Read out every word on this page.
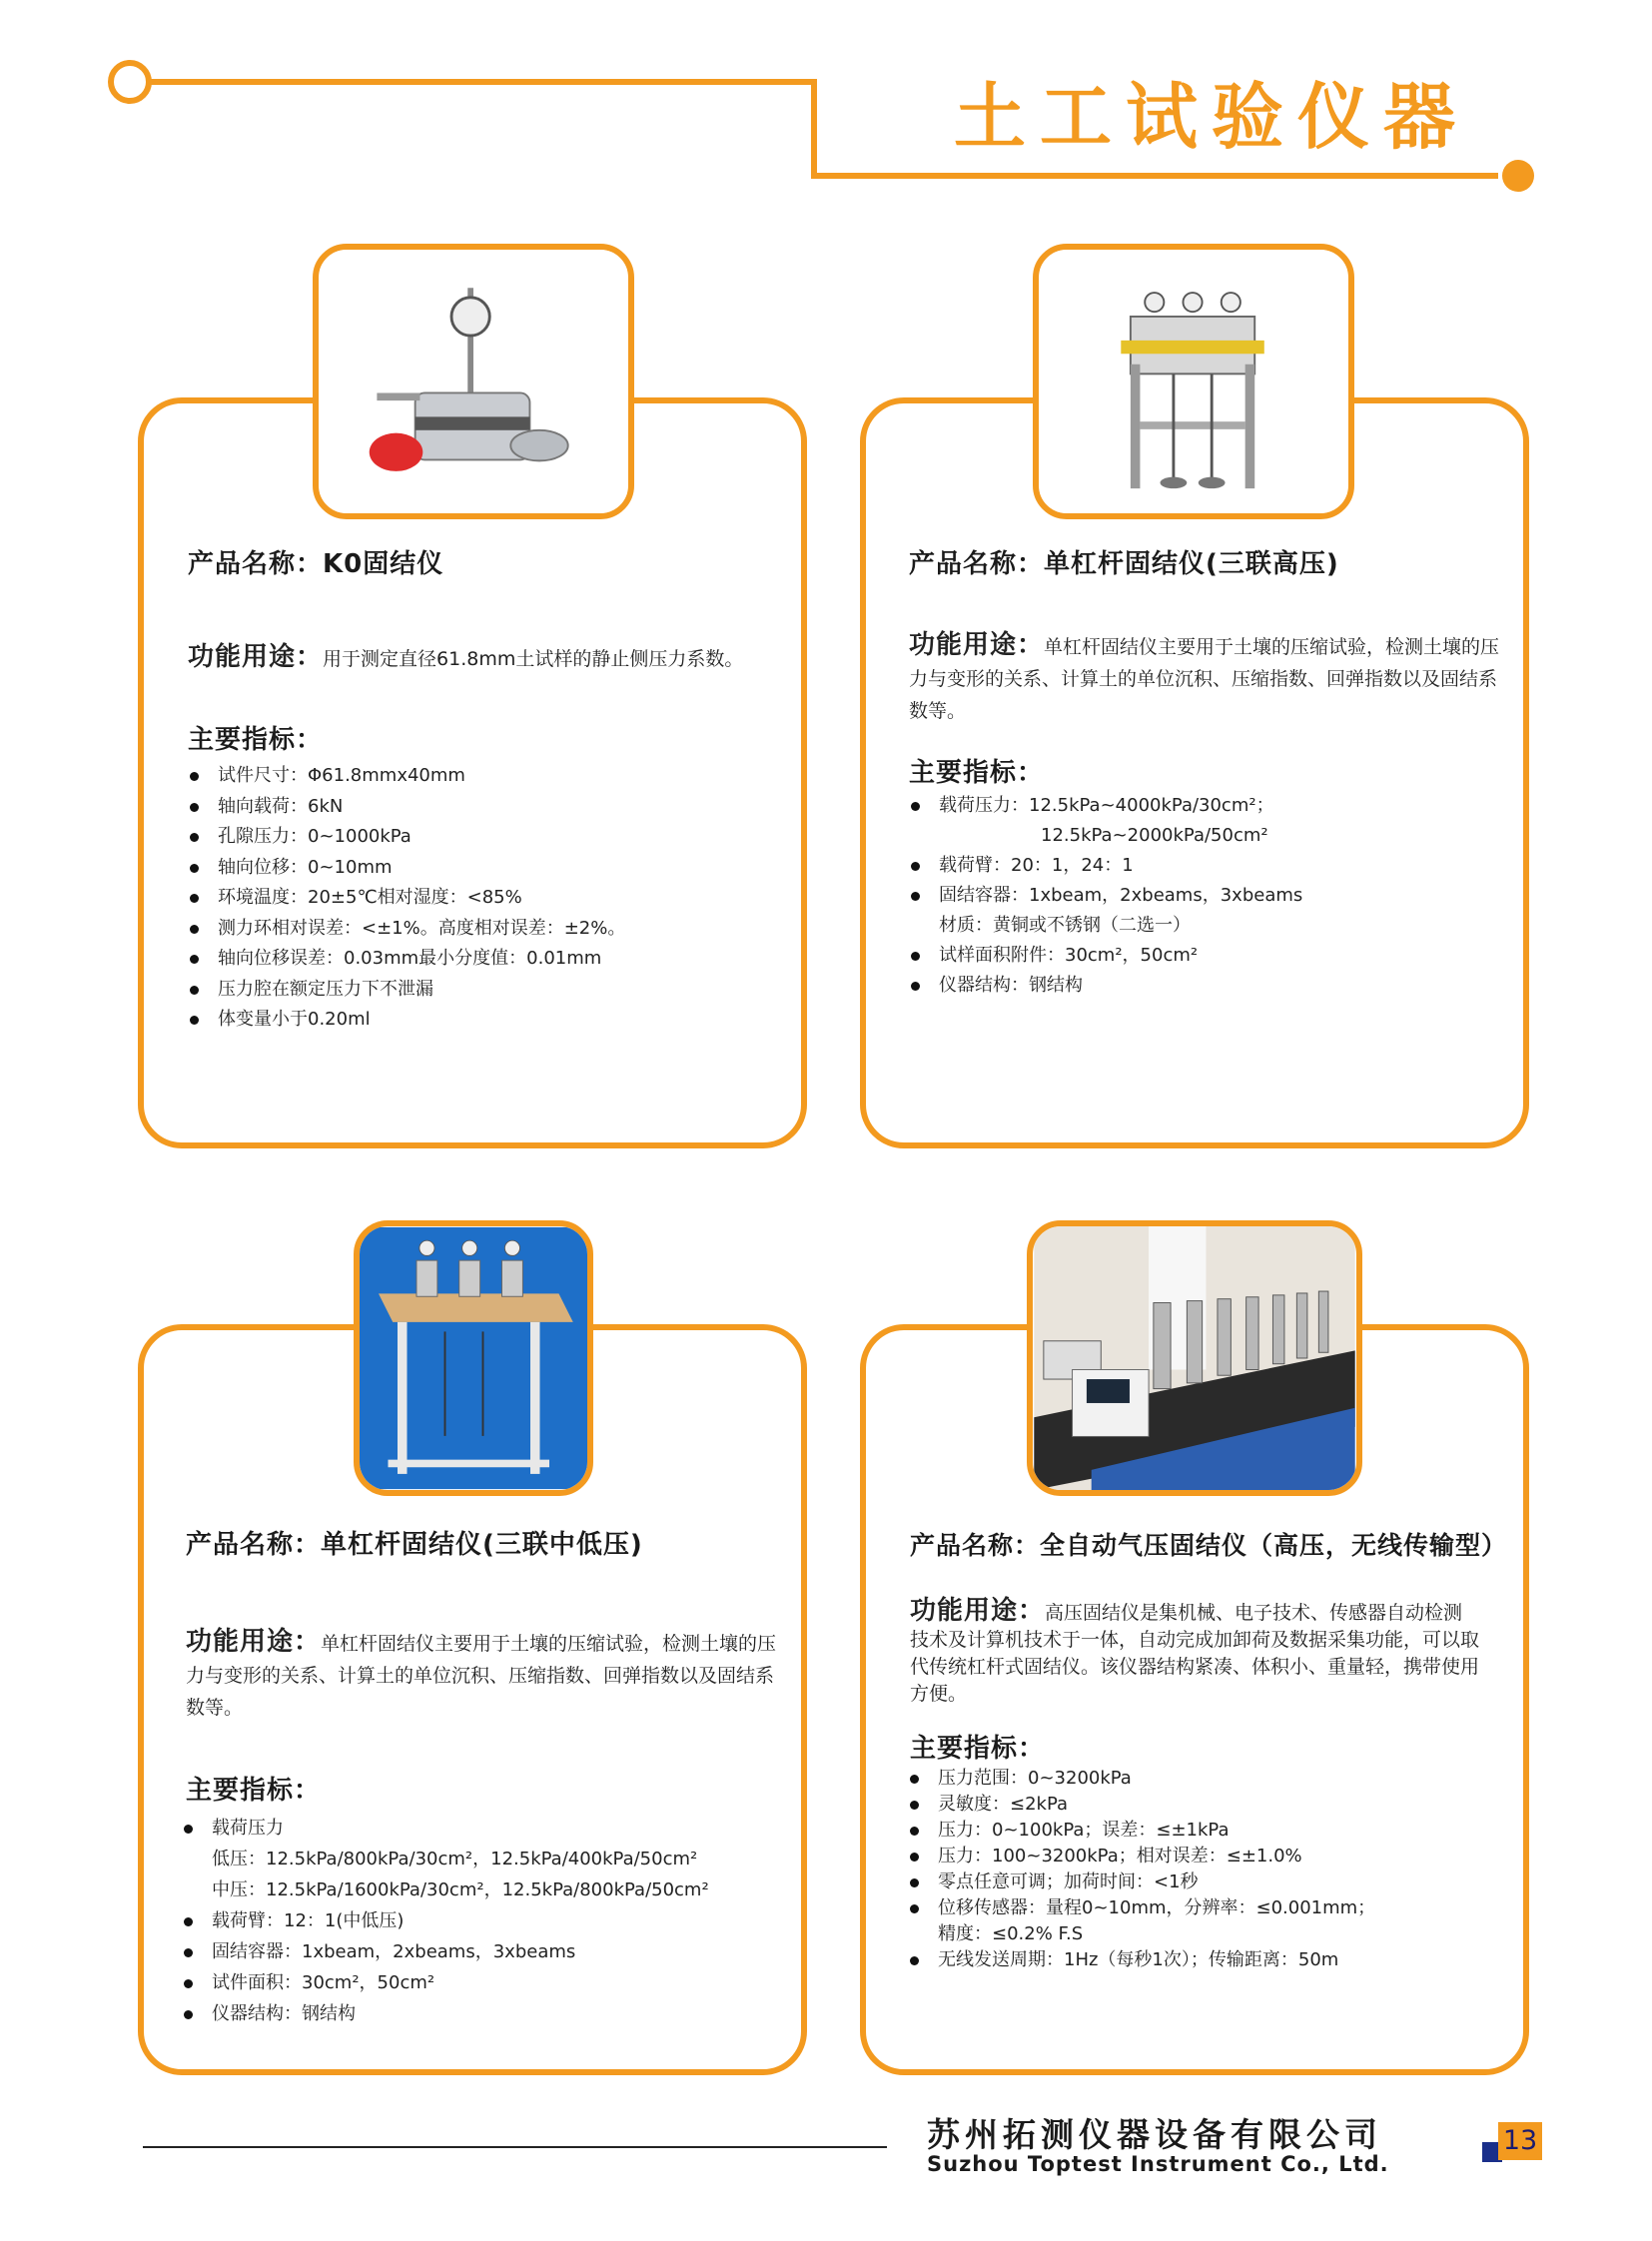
土工试验仪器
产品名称：K0固结仪
功能用途：用于测定直径61.8mm土试样的静止侧压力系数。
主要指标：
试件尺寸：Φ61.8mmx40mm
轴向载荷：6kN
孔隙压力：0~1000kPa
轴向位移：0~10mm
环境温度：20±5℃相对湿度：<85%
测力环相对误差：<±1%。高度相对误差：±2%。
轴向位移误差：0.03mm最小分度值：0.01mm
压力腔在额定压力下不泄漏
体变量小于0.20ml
产品名称：单杠杆固结仪(三联高压)
功能用途：单杠杆固结仪主要用于土壤的压缩试验，检测土壤的压力与变形的关系、计算土的单位沉积、压缩指数、回弹指数以及固结系数等。
主要指标：
载荷压力：12.5kPa~4000kPa/30cm²；
12.5kPa~2000kPa/50cm²
载荷臂：20：1，24：1
固结容器：1xbeam，2xbeams，3xbeams
材质：黄铜或不锈钢（二选一）
试样面积附件：30cm²，50cm²
仪器结构：钢结构
产品名称：单杠杆固结仪(三联中低压)
功能用途：单杠杆固结仪主要用于土壤的压缩试验，检测土壤的压力与变形的关系、计算土的单位沉积、压缩指数、回弹指数以及固结系数等。
主要指标：
载荷压力
低压：12.5kPa/800kPa/30cm²，12.5kPa/400kPa/50cm²
中压：12.5kPa/1600kPa/30cm²，12.5kPa/800kPa/50cm²
载荷臂：12：1(中低压)
固结容器：1xbeam，2xbeams，3xbeams
试件面积：30cm²，50cm²
仪器结构：钢结构
产品名称：全自动气压固结仪（高压，无线传输型）
功能用途：高压固结仪是集机械、电子技术、传感器自动检测技术及计算机技术于一体，自动完成加卸荷及数据采集功能，可以取代传统杠杆式固结仪。该仪器结构紧凑、体积小、重量轻，携带使用方便。
主要指标：
压力范围：0~3200kPa
灵敏度：≤2kPa
压力：0~100kPa；误差：≤±1kPa
压力：100~3200kPa；相对误差：≤±1.0%
零点任意可调；加荷时间：<1秒
位移传感器：量程0~10mm，分辨率：≤0.001mm；
精度：≤0.2% F.S
无线发送周期：1Hz（每秒1次）；传输距离：50m
苏州拓测仪器设备有限公司
Suzhou Toptest Instrument Co., Ltd.
13
